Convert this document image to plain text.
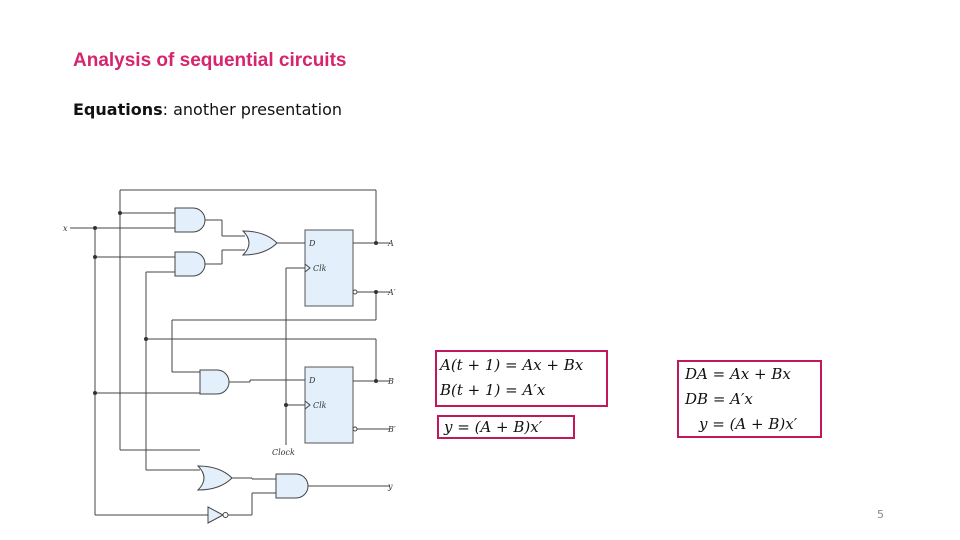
Analysis of sequential circuits

Equations: another presentation

x
D
Clk
A
A′
D
Clk
B
B′
Clock
y
A(t + 1) = Ax + Bx
B(t + 1) = A′x
y = (A + B)x′
DA = Ax + Bx
DB = A′x
y = (A + B)x′
5
